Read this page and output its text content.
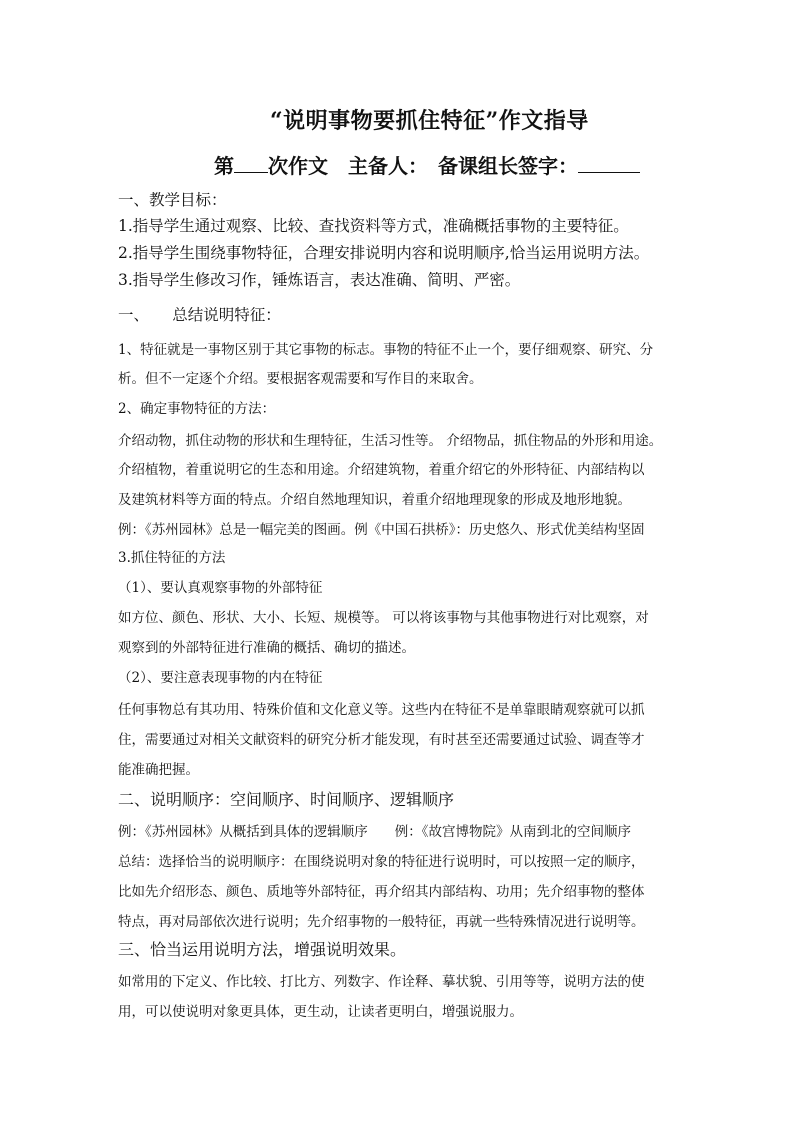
“说明事物要抓住特征”作文指导
第 次作文　主备人：　备课组长签字：
一、教学目标：
1.指导学生通过观察、比较、查找资料等方式，准确概括事物的主要特征。
2.指导学生围绕事物特征，合理安排说明内容和说明顺序,恰当运用说明方法。
3.指导学生修改习作，锤炼语言，表达准确、简明、严密。
一、　　总结说明特征：
1、特征就是一事物区别于其它事物的标志。事物的特征不止一个，要仔细观察、研究、分
析。但不一定逐个介绍。要根据客观需要和写作目的来取舍。
2、确定事物特征的方法：
介绍动物，抓住动物的形状和生理特征，生活习性等。 介绍物品，抓住物品的外形和用途。
介绍植物，着重说明它的生态和用途。介绍建筑物，着重介绍它的外形特征、内部结构以
及建筑材料等方面的特点。介绍自然地理知识，着重介绍地理现象的形成及地形地貌。
例：《苏州园林》总是一幅完美的图画。例《中国石拱桥》：历史悠久、形式优美结构坚固
3.抓住特征的方法
（1）、要认真观察事物的外部特征
如方位、颜色、形状、大小、长短、规模等。 可以将该事物与其他事物进行对比观察，对
观察到的外部特征进行准确的概括、确切的描述。
（2）、要注意表现事物的内在特征
任何事物总有其功用、特殊价值和文化意义等。这些内在特征不是单靠眼睛观察就可以抓
住，需要通过对相关文献资料的研究分析才能发现，有时甚至还需要通过试验、调查等才
能准确把握。
二、说明顺序：空间顺序、时间顺序、逻辑顺序
例：《苏州园林》从概括到具体的逻辑顺序　　例：《故宫博物院》从南到北的空间顺序
总结：选择恰当的说明顺序：在围绕说明对象的特征进行说明时，可以按照一定的顺序，
比如先介绍形态、颜色、质地等外部特征，再介绍其内部结构、功用；先介绍事物的整体
特点，再对局部依次进行说明；先介绍事物的一般特征，再就一些特殊情况进行说明等。
三、恰当运用说明方法，增强说明效果。
如常用的下定义、作比较、打比方、列数字、作诠释、摹状貌、引用等等，说明方法的使
用，可以使说明对象更具体，更生动，让读者更明白，增强说服力。
